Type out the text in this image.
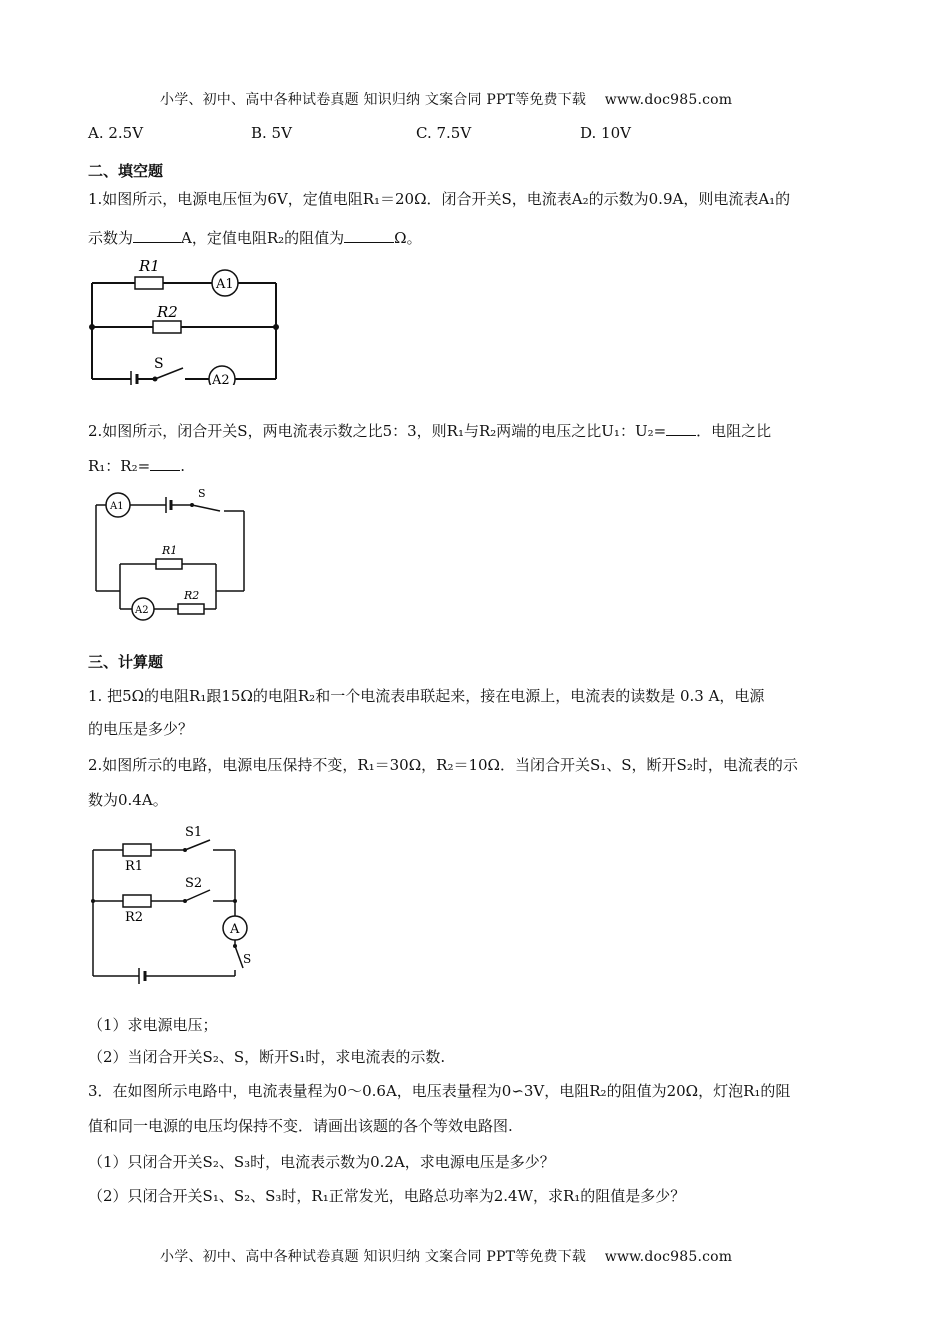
小学、初中、高中各种试卷真题 知识归纳 文案合同 PPT等免费下载 www.doc985.com
A. 2.5V	B. 5V	C. 7.5V	D. 10V
二、填空题
1.如图所示，电源电压恒为6V，定值电阻R₁＝20Ω．闭合开关S，电流表A₂的示数为0.9A，则电流表A₁的
示数为	A，定值电阻R₂的阻值为	Ω。
R1
R2
A1
A2
S
2.如图所示，闭合开关S，两电流表示数之比5：3，则R₁与R₂两端的电压之比U₁：U₂= ．电阻之比
R₁：R₂= .
A1
A2
S
R1
R2
三、计算题
1. 把5Ω的电阻R₁跟15Ω的电阻R₂和一个电流表串联起来，接在电源上，电流表的读数是 0.3 A，电源
的电压是多少？
2.如图所示的电路，电源电压保持不变，R₁＝30Ω，R₂＝10Ω．当闭合开关S₁、S，断开S₂时，电流表的示
数为0.4A。
S1
S2
R1
R2
A
S
（1）求电源电压；
（2）当闭合开关S₂、S，断开S₁时，求电流表的示数.
3．在如图所示电路中，电流表量程为0～0.6A，电压表量程为0∽3V，电阻R₂的阻值为20Ω，灯泡R₁的阻
值和同一电源的电压均保持不变．请画出该题的各个等效电路图.
（1）只闭合开关S₂、S₃时，电流表示数为0.2A，求电源电压是多少？
（2）只闭合开关S₁、S₂、S₃时，R₁正常发光，电路总功率为2.4W，求R₁的阻值是多少？
小学、初中、高中各种试卷真题 知识归纳 文案合同 PPT等免费下载 www.doc985.com
